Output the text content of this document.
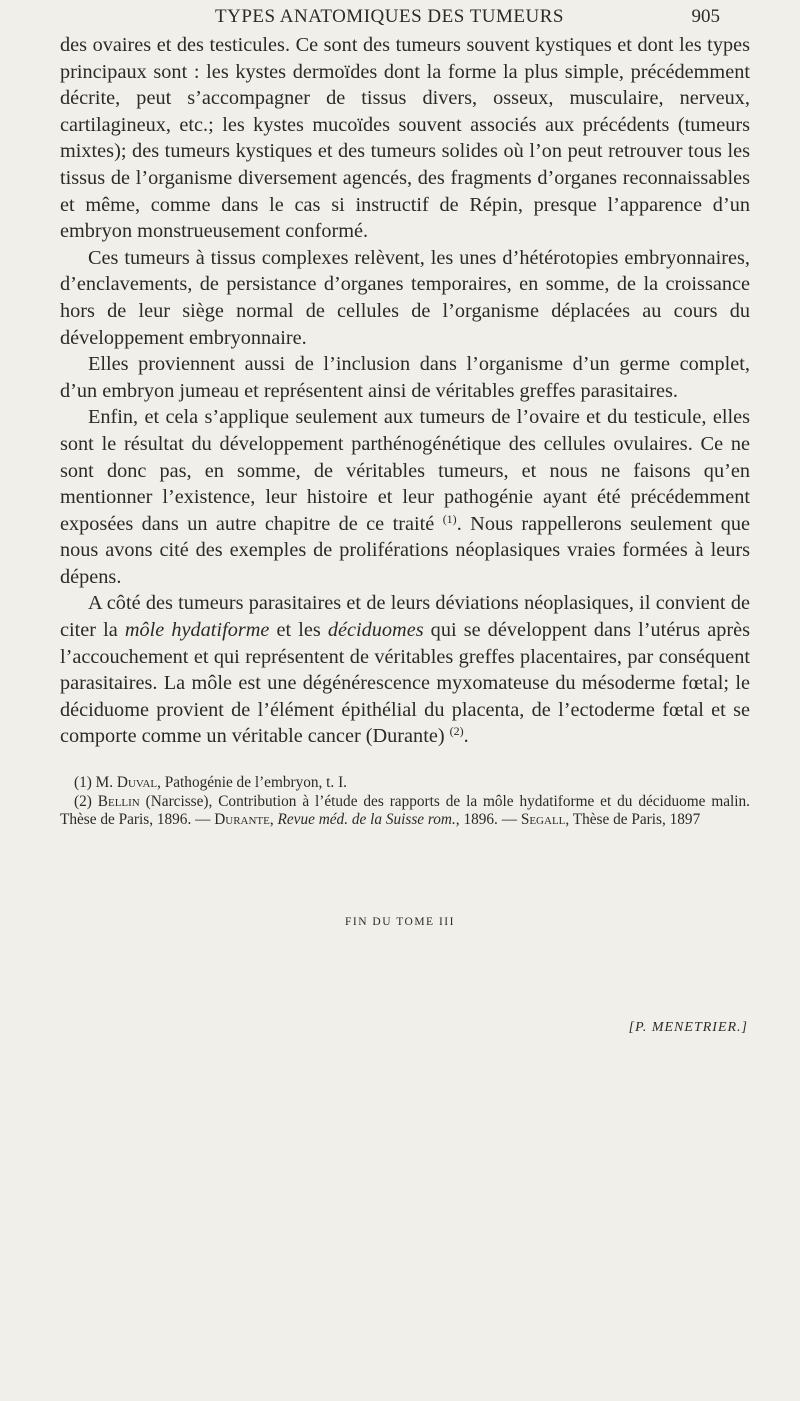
TYPES ANATOMIQUES DES TUMEURS	905

des ovaires et des testicules. Ce sont des tumeurs souvent kystiques et dont les types principaux sont : les kystes dermoïdes dont la forme la plus simple, précédemment décrite, peut s’accompagner de tissus divers, osseux, musculaire, nerveux, cartilagineux, etc.; les kystes mucoïdes souvent associés aux précédents (tumeurs mixtes); des tumeurs kystiques et des tumeurs solides où l’on peut retrouver tous les tissus de l’organisme diversement agencés, des fragments d’organes reconnaissables et même, comme dans le cas si instructif de Répin, presque l’apparence d’un embryon monstrueusement conformé.

Ces tumeurs à tissus complexes relèvent, les unes d’hétérotopies embryonnaires, d’enclavements, de persistance d’organes temporaires, en somme, de la croissance hors de leur siège normal de cellules de l’organisme déplacées au cours du développement embryonnaire.

Elles proviennent aussi de l’inclusion dans l’organisme d’un germe complet, d’un embryon jumeau et représentent ainsi de véritables greffes parasitaires.

Enfin, et cela s’applique seulement aux tumeurs de l’ovaire et du testicule, elles sont le résultat du développement parthénogénétique des cellules ovulaires. Ce ne sont donc pas, en somme, de véritables tumeurs, et nous ne faisons qu’en mentionner l’existence, leur histoire et leur pathogénie ayant été précédemment exposées dans un autre chapitre de ce traité $^{(1)}$. Nous rappellerons seulement que nous avons cité des exemples de proliférations néoplasiques vraies formées à leurs dépens.

A côté des tumeurs parasitaires et de leurs déviations néoplasiques, il convient de citer la môle hydatiforme et les déciduomes qui se développent dans l’utérus après l’accouchement et qui représentent de véritables greffes placentaires, par conséquent parasitaires. La môle est une dégénérescence myxomateuse du mésoderme fœtal; le déciduome provient de l’élément épithélial du placenta, de l’ectoderme fœtal et se comporte comme un véritable cancer (Durante) $^{(2)}$.

(1) M. Duval, Pathogénie de l’embryon, t. I.

(2) Bellin (Narcisse), Contribution à l’étude des rapports de la môle hydatiforme et du déciduome malin. Thèse de Paris, 1896. — Durante, Revue méd. de la Suisse rom., 1896. — Segall, Thèse de Paris, 1897

FIN DU TOME III
[P. MENETRIER.]
